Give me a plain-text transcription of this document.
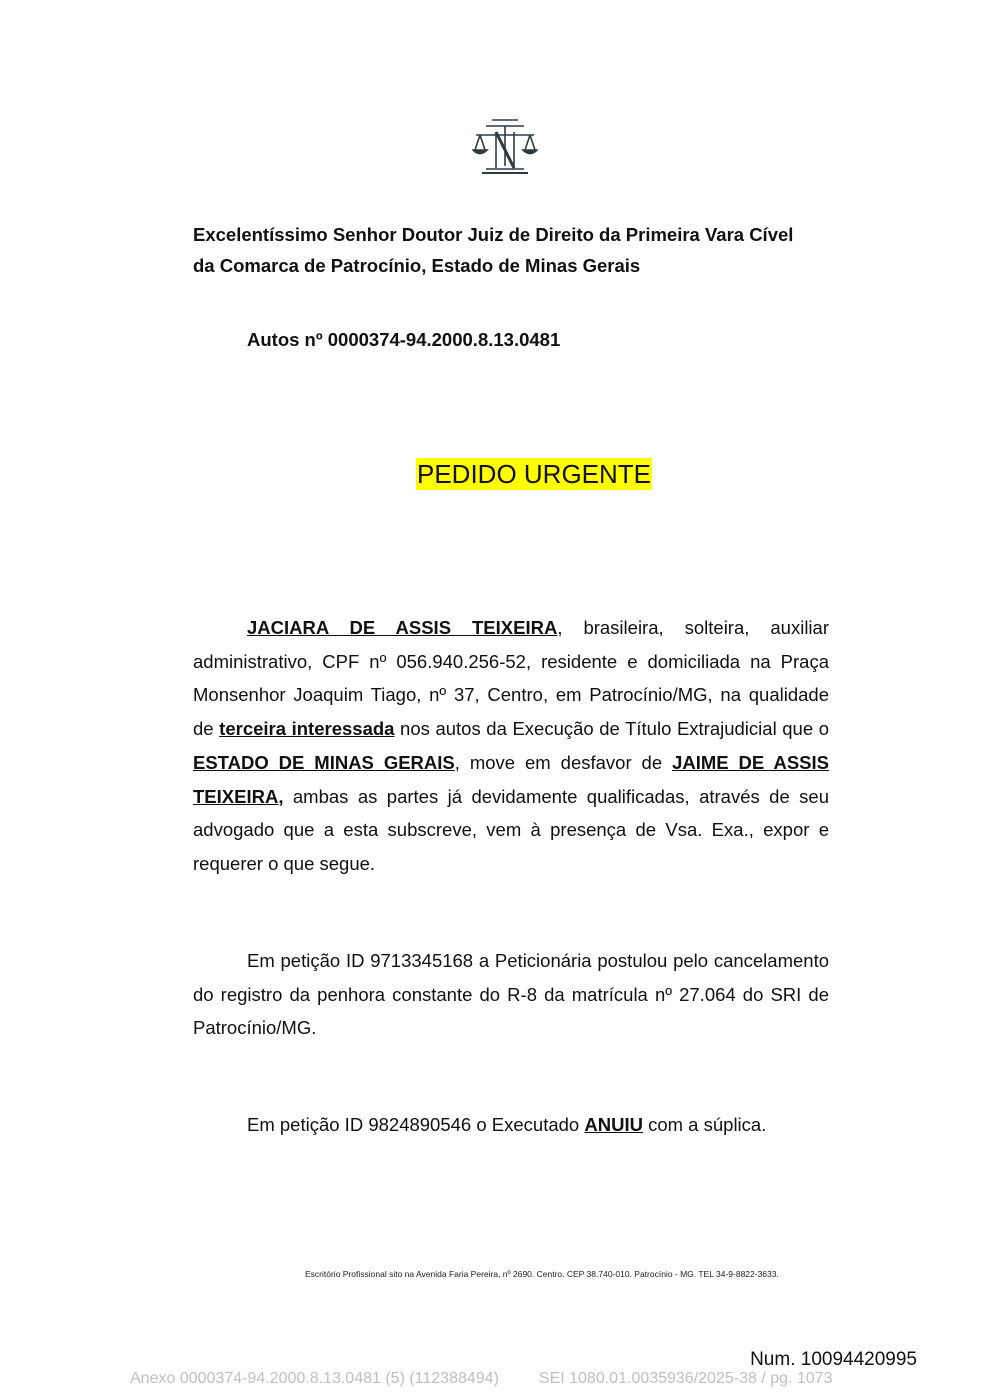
Excelentíssimo Senhor Doutor Juiz de Direito da Primeira Vara Cível
da Comarca de Patrocínio, Estado de Minas Gerais
Autos nº 0000374-94.2000.8.13.0481
PEDIDO URGENTE
JACIARA DE ASSIS TEIXEIRA, brasileira, solteira, auxiliar administrativo, CPF nº 056.940.256-52, residente e domiciliada na Praça Monsenhor Joaquim Tiago, nº 37, Centro, em Patrocínio/MG, na qualidade de terceira interessada nos autos da Execução de Título Extrajudicial que o ESTADO DE MINAS GERAIS, move em desfavor de JAIME DE ASSIS TEIXEIRA, ambas as partes já devidamente qualificadas, através de seu advogado que a esta subscreve, vem à presença de Vsa. Exa., expor e requerer o que segue.
Em petição ID 9713345168 a Peticionária postulou pelo cancelamento do registro da penhora constante do R-8 da matrícula nº 27.064 do SRI de Patrocínio/MG.
Em petição ID 9824890546 o Executado ANUIU com a súplica.
Escritório Profissional sito na Avenida Faria Pereira, nº 2690. Centro. CEP 38.740-010. Patrocínio - MG. TEL 34-9-8822-3633.
Num. 10094420995
Anexo 0000374-94.2000.8.13.0481 (5) (112388494)	SEI 1080.01.0035936/2025-38 / pg. 1073
